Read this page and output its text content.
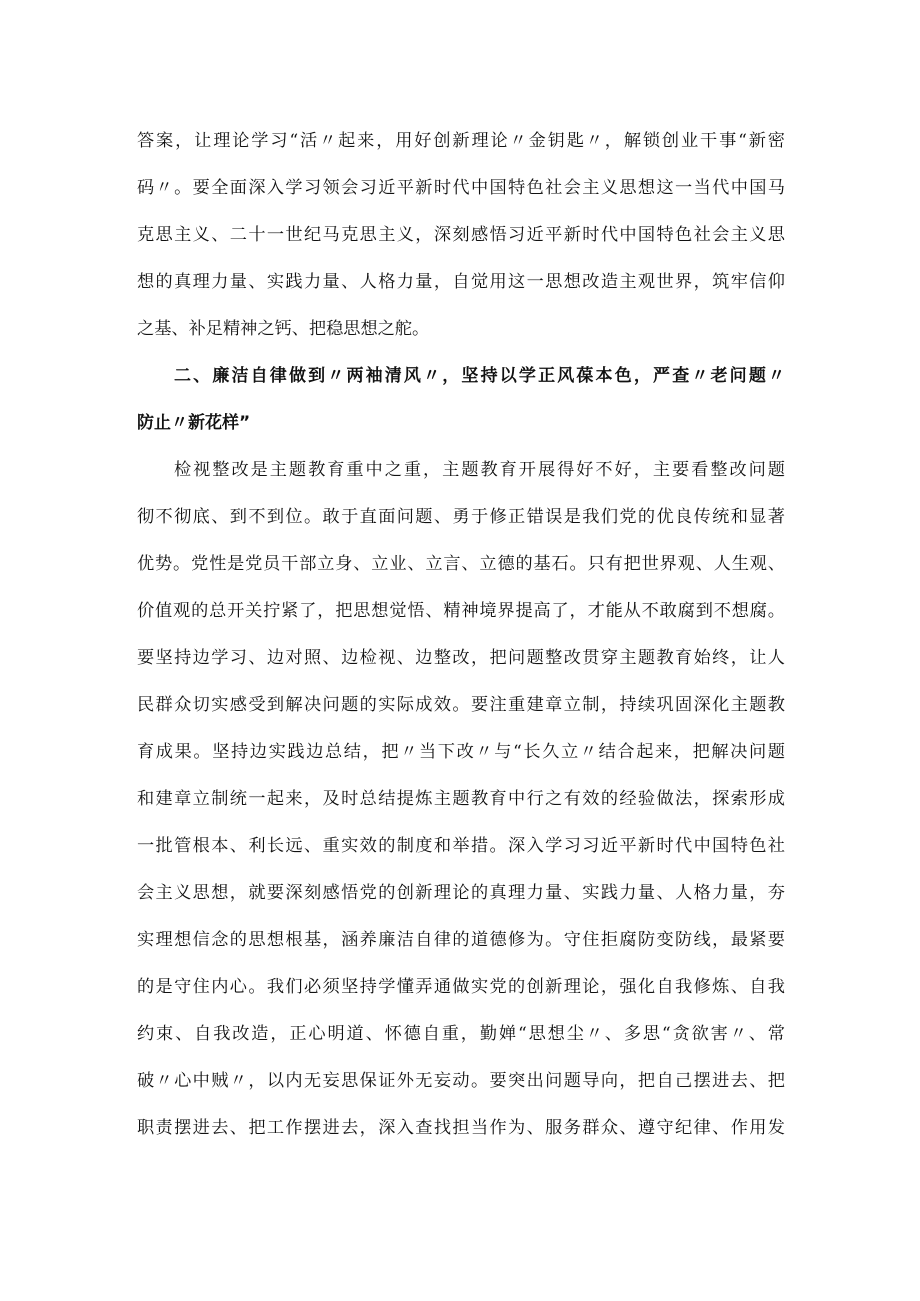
答案，让理论学习“活〃起来，用好创新理论〃金钥匙〃，解锁创业干事“新密

码〃。要全面深入学习领会习近平新时代中国特色社会主义思想这一当代中国马

克思主义、二十一世纪马克思主义，深刻感悟习近平新时代中国特色社会主义思

想的真理力量、实践力量、人格力量，自觉用这一思想改造主观世界，筑牢信仰

之基、补足精神之钙、把稳思想之舵。

二、廉洁自律做到〃两袖清风〃，坚持以学正风葆本色，严查〃老问题〃

防止〃新花样”

检视整改是主题教育重中之重，主题教育开展得好不好，主要看整改问题

彻不彻底、到不到位。敢于直面问题、勇于修正错误是我们党的优良传统和显著

优势。党性是党员干部立身、立业、立言、立德的基石。只有把世界观、人生观、

价值观的总开关拧紧了，把思想觉悟、精神境界提高了，才能从不敢腐到不想腐。

要坚持边学习、边对照、边检视、边整改，把问题整改贯穿主题教育始终，让人

民群众切实感受到解决问题的实际成效。要注重建章立制，持续巩固深化主题教

育成果。坚持边实践边总结，把〃当下改〃与“长久立〃结合起来，把解决问题

和建章立制统一起来，及时总结提炼主题教育中行之有效的经验做法，探索形成

一批管根本、利长远、重实效的制度和举措。深入学习习近平新时代中国特色社

会主义思想，就要深刻感悟党的创新理论的真理力量、实践力量、人格力量，夯

实理想信念的思想根基，涵养廉洁自律的道德修为。守住拒腐防变防线，最紧要

的是守住内心。我们必须坚持学懂弄通做实党的创新理论，强化自我修炼、自我

约束、自我改造，正心明道、怀德自重，勤婵“思想尘〃、多思“贪欲害〃、常

破〃心中贼〃，以内无妄思保证外无妄动。要突出问题导向，把自己摆进去、把

职责摆进去、把工作摆进去，深入查找担当作为、服务群众、遵守纪律、作用发
